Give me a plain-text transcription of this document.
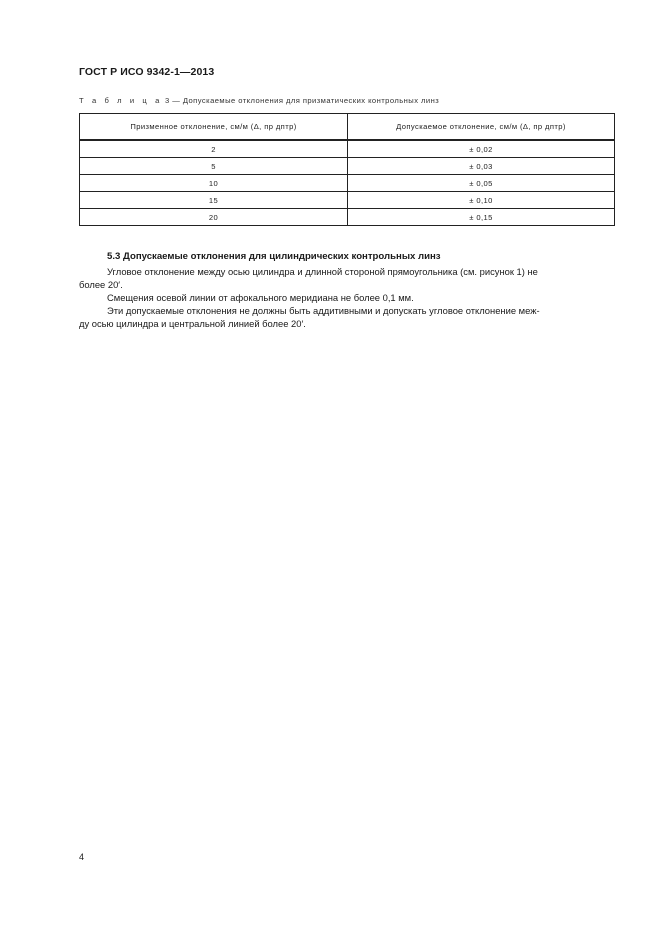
ГОСТ Р ИСО 9342-1—2013
Т а б л и ц а 3 — Допускаемые отклонения для призматических контрольных линз
Призменное отклонение, см/м (Δ, пр дптр)	Допускаемое отклонение, см/м (Δ, пр дптр)
2	± 0,02
5	± 0,03
10	± 0,05
15	± 0,10
20	± 0,15
5.3 Допускаемые отклонения для цилиндрических контрольных линз
Угловое отклонение между осью цилиндра и длинной стороной прямоугольника (см. рисунок 1) не
более 20′.
Смещения осевой линии от афокального меридиана не более 0,1 мм.
Эти допускаемые отклонения не должны быть аддитивными и допускать угловое отклонение меж-
ду осью цилиндра и центральной линией более 20′.
4
